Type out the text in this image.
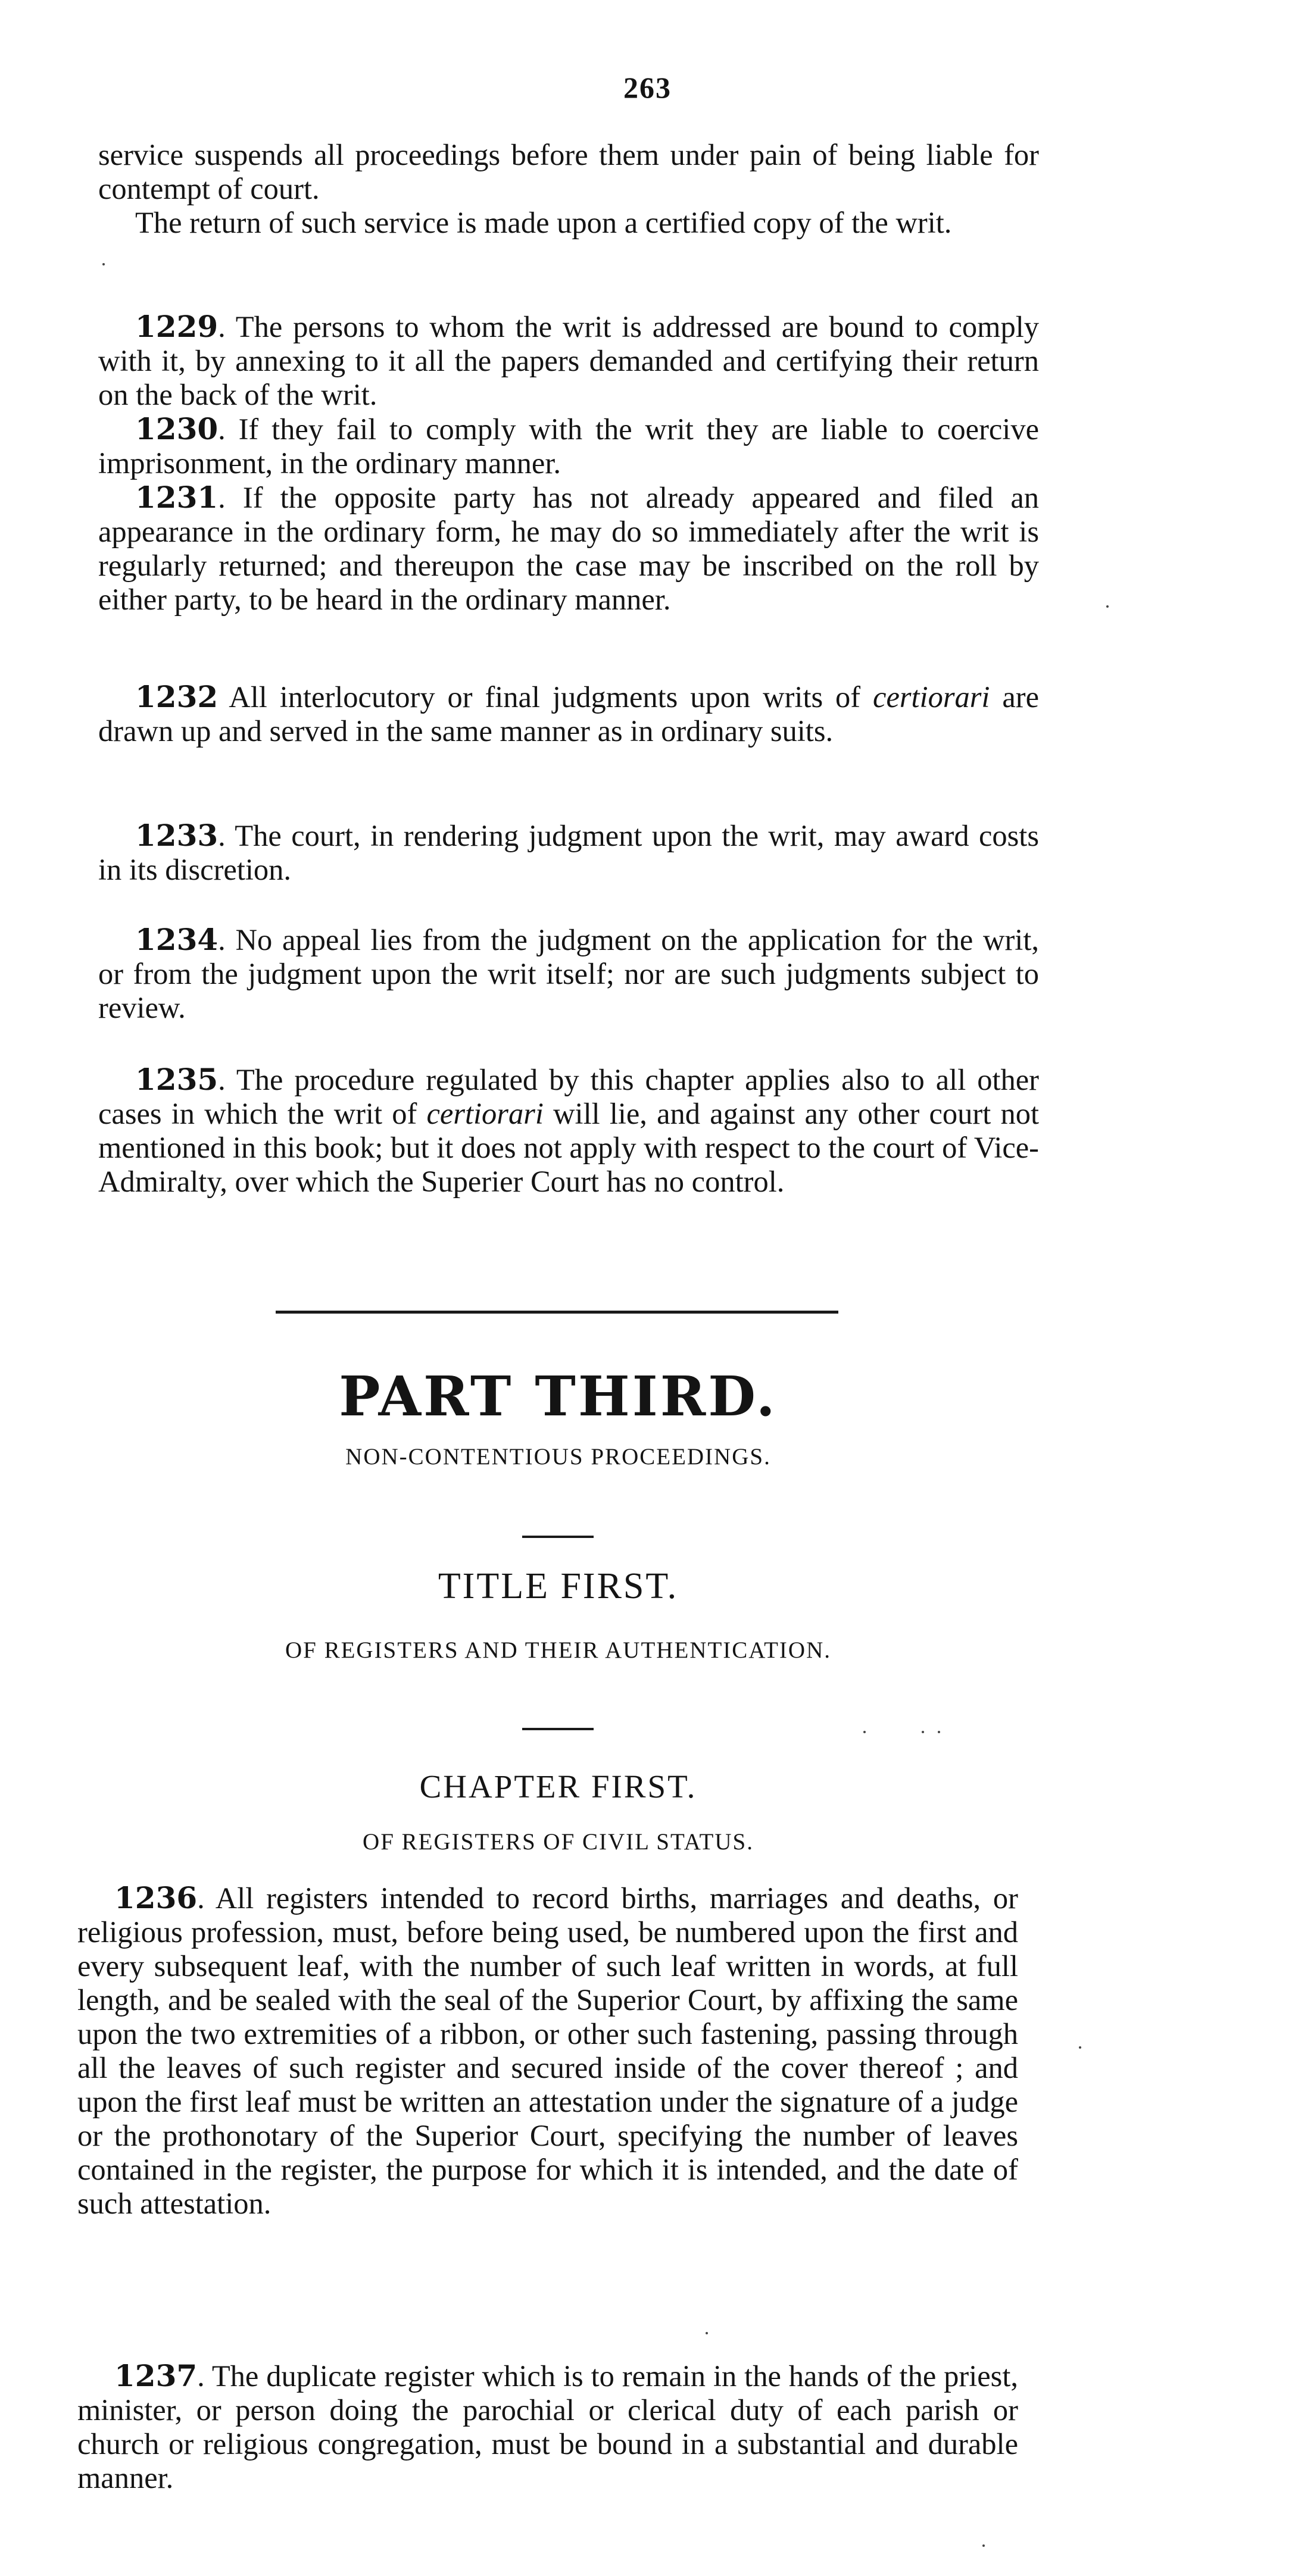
263

service suspends all proceedings before them under pain of being liable for contempt of court.

The return of such service is made upon a certified copy of the writ.

1229. The persons to whom the writ is addressed are bound to comply with it, by annexing to it all the papers demanded and certifying their return on the back of the writ.

1230. If they fail to comply with the writ they are liable to coercive imprisonment, in the ordinary manner.

1231. If the opposite party has not already appeared and filed an appearance in the ordinary form, he may do so immediately after the writ is regularly returned; and thereupon the case may be inscribed on the roll by either party, to be heard in the ordinary manner.

1232 All interlocutory or final judgments upon writs of certiorari are drawn up and served in the same manner as in ordinary suits.

1233. The court, in rendering judgment upon the writ, may award costs in its discretion.

1234. No appeal lies from the judgment on the application for the writ, or from the judgment upon the writ itself; nor are such judgments subject to review.

1235. The procedure regulated by this chapter applies also to all other cases in which the writ of certiorari will lie, and against any other court not mentioned in this book; but it does not apply with respect to the court of Vice-Admiralty, over which the Superier Court has no control.

PART THIRD.
NON-CONTENTIOUS PROCEEDINGS.
TITLE FIRST.
OF REGISTERS AND THEIR AUTHENTICATION.
CHAPTER FIRST.
OF REGISTERS OF CIVIL STATUS.

1236. All registers intended to record births, marriages and deaths, or religious profession, must, before being used, be numbered upon the first and every subsequent leaf, with the number of such leaf written in words, at full length, and be sealed with the seal of the Superior Court, by affixing the same upon the two extremities of a ribbon, or other such fastening, passing through all the leaves of such register and secured inside of the cover thereof ; and upon the first leaf must be written an attestation under the signature of a judge or the prothonotary of the Superior Court, specifying the number of leaves contained in the register, the purpose for which it is intended, and the date of such attestation.

1237. The duplicate register which is to remain in the hands of the priest, minister, or person doing the parochial or clerical duty of each parish or church or religious congregation, must be bound in a substantial and durable manner.
